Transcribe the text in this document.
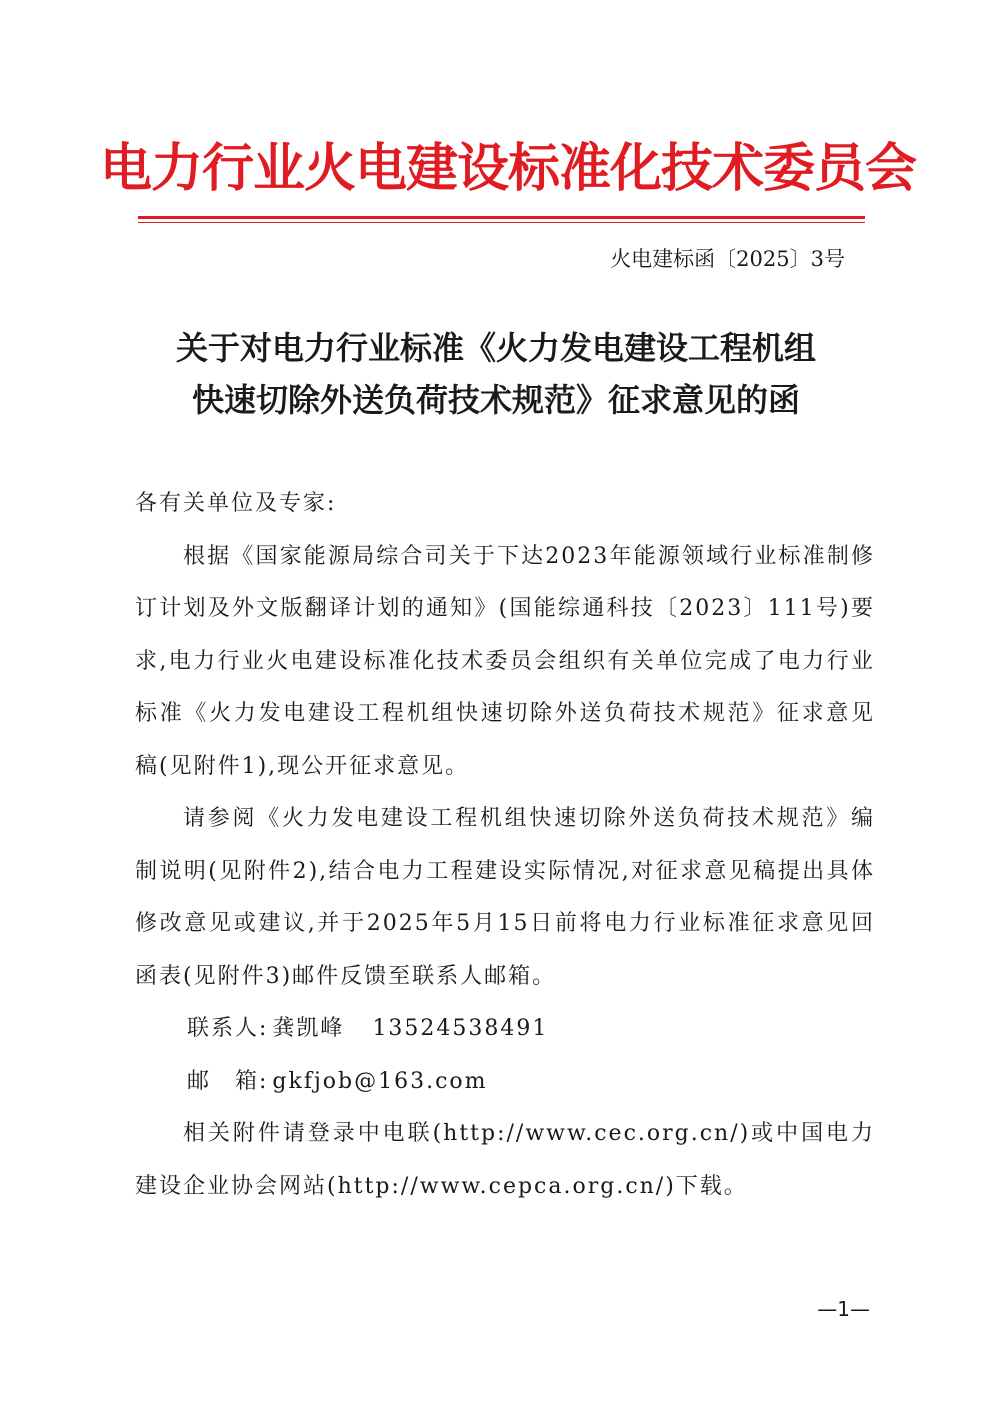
电力行业火电建设标准化技术委员会
火电建标函〔2025〕3号
关于对电力行业标准《火力发电建设工程机组
快速切除外送负荷技术规范》征求意见的函

各有关单位及专家:

根据《国家能源局综合司关于下达2023年能源领域行业标准制修订计划及外文版翻译计划的通知》(国能综通科技〔2023〕111号)要求,电力行业火电建设标准化技术委员会组织有关单位完成了电力行业标准《火力发电建设工程机组快速切除外送负荷技术规范》征求意见稿(见附件1),现公开征求意见。

请参阅《火力发电建设工程机组快速切除外送负荷技术规范》编制说明(见附件2),结合电力工程建设实际情况,对征求意见稿提出具体修改意见或建议,并于2025年5月15日前将电力行业标准征求意见回函表(见附件3)邮件反馈至联系人邮箱。

联系人: 龚凯峰 13524538491

邮　箱: gkfjob@163.com

相关附件请登录中电联(http://www.cec.org.cn/)或中国电力建设企业协会网站(http://www.cepca.org.cn/)下载。

—1—
